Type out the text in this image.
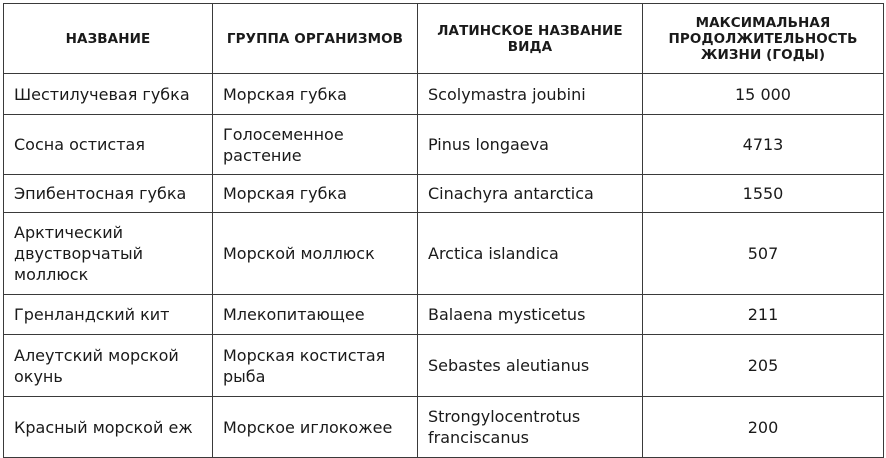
НАЗВАНИЕ	ГРУППА ОРГАНИЗМОВ	ЛАТИНСКОЕ НАЗВАНИЕ ВИДА	МАКСИМАЛЬНАЯ ПРОДОЛЖИТЕЛЬНОСТЬ ЖИЗНИ (ГОДЫ)
Шестилучевая губка	Морская губка	Scolymastra joubini	15 000
Сосна остистая	Голосеменное растение	Pinus longaeva	4713
Эпибентосная губка	Морская губка	Cinachyra antarctica	1550
Арктический двустворчатый моллюск	Морской моллюск	Arctica islandica	507
Гренландский кит	Млекопитающее	Balaena mysticetus	211
Алеутский морской окунь	Морская костистая рыба	Sebastes aleutianus	205
Красный морской еж	Морское иглокожее	Strongylocentrotus franciscanus	200
